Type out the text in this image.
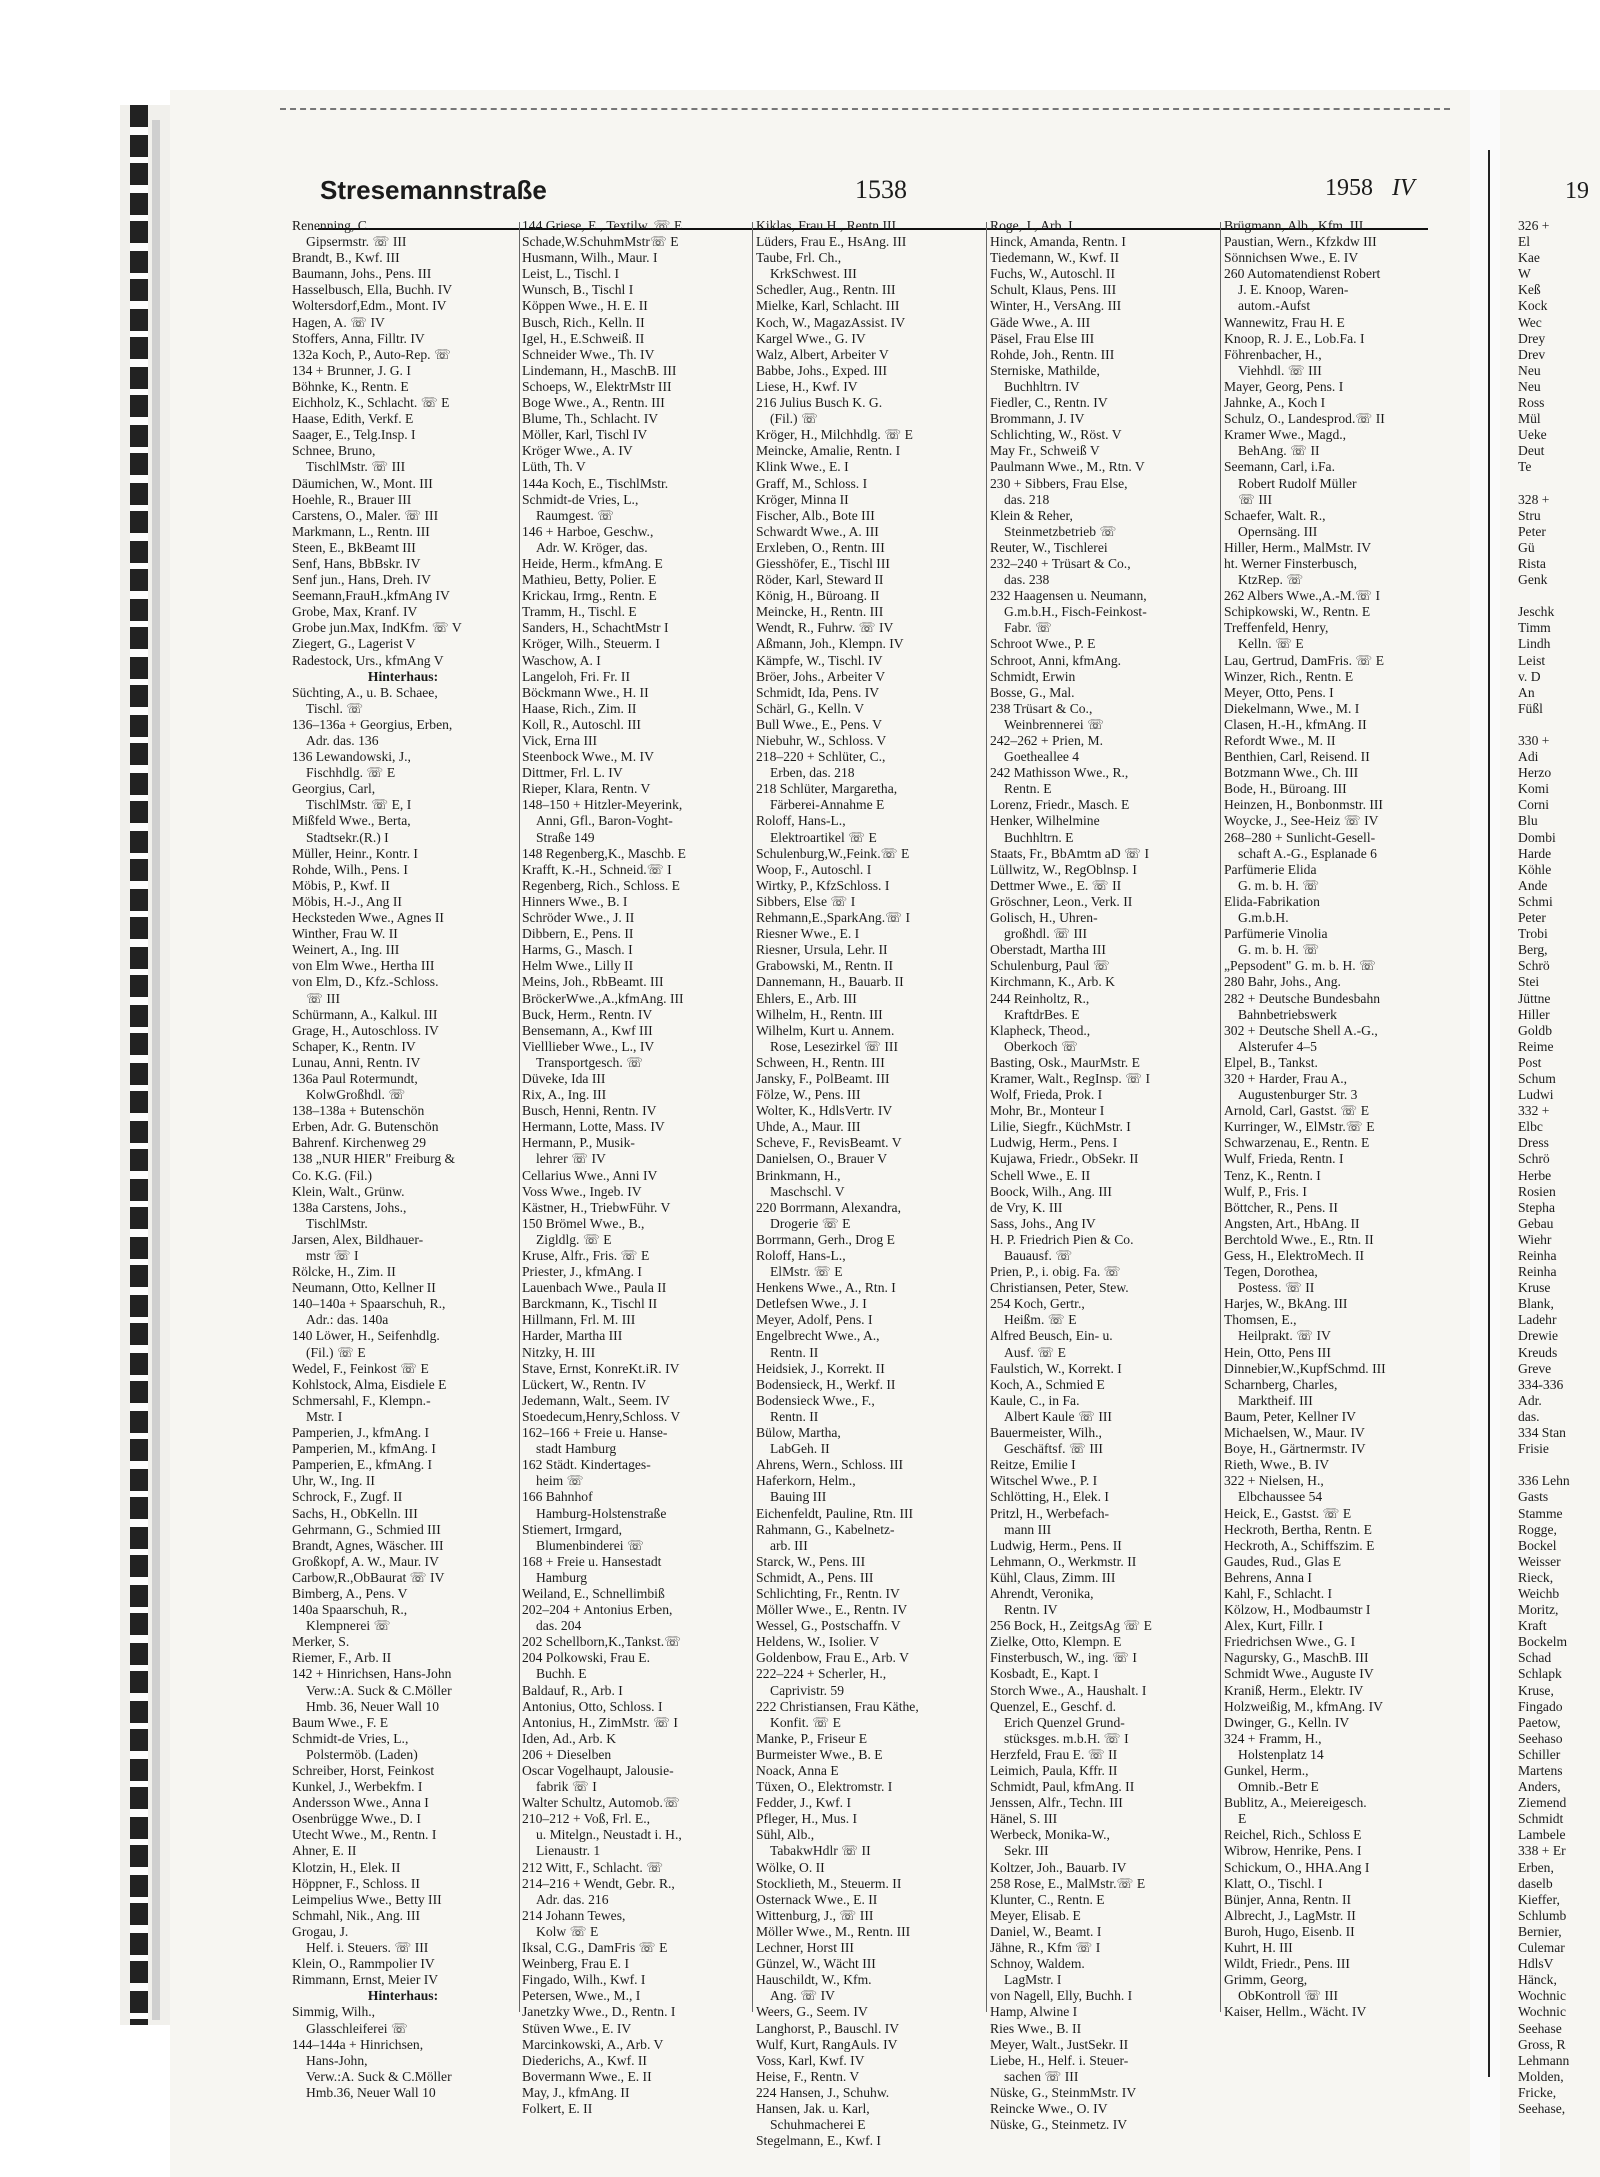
Stresemannstraße	1538	1958 IV
Renenning, C.
Gipsermstr. ☏ III
Brandt, B., Kwf. III
Baumann, Johs., Pens. III
Hasselbusch, Ella, Buchh. IV
Woltersdorf,Edm., Mont. IV
Hagen, A. ☏ IV
Stoffers, Anna, Filltr. IV
132a Koch, P., Auto-Rep. ☏
134 + Brunner, J. G. I
Böhnke, K., Rentn. E
Eichholz, K., Schlacht. ☏ E
Haase, Edith, Verkf. E
Saager, E., Telg.Insp. I
Schnee, Bruno,
TischlMstr. ☏ III
Däumichen, W., Mont. III
Hoehle, R., Brauer III
Carstens, O., Maler. ☏ III
Markmann, L., Rentn. III
Steen, E., BkBeamt III
Senf, Hans, BbBskr. IV
Senf jun., Hans, Dreh. IV
Seemann,FrauH.,kfmAng IV
Grobe, Max, Kranf. IV
Grobe jun.Max, IndKfm. ☏ V
Ziegert, G., Lagerist V
Radestock, Urs., kfmAng V
Hinterhaus:
Süchting, A., u. B. Schaee,
Tischl. ☏
136–136a + Georgius, Erben,
Adr. das. 136
136 Lewandowski, J.,
Fischhdlg. ☏ E
Georgius, Carl,
TischlMstr. ☏ E, I
Mißfeld Wwe., Berta,
Stadtsekr.(R.) I
Müller, Heinr., Kontr. I
Rohde, Wilh., Pens. I
Möbis, P., Kwf. II
Möbis, H.-J., Ang II
Hecksteden Wwe., Agnes II
Winther, Frau W. II
Weinert, A., Ing. III
von Elm Wwe., Hertha III
von Elm, D., Kfz.-Schloss.
☏ III
Schürmann, A., Kalkul. III
Grage, H., Autoschloss. IV
Schaper, K., Rentn. IV
Lunau, Anni, Rentn. IV
136a Paul Rotermundt,
KolwGroßhdl. ☏
138–138a + Butenschön
Erben, Adr. G. Butenschön
Bahrenf. Kirchenweg 29
138 „NUR HIER" Freiburg &
Co. K.G. (Fil.)
Klein, Walt., Grünw.
138a Carstens, Johs.,
TischlMstr.
Jarsen, Alex, Bildhauer-
mstr ☏ I
Rölcke, H., Zim. II
Neumann, Otto, Kellner II
140–140a + Spaarschuh, R.,
Adr.: das. 140a
140 Löwer, H., Seifenhdlg.
(Fil.) ☏ E
Wedel, F., Feinkost ☏ E
Kohlstock, Alma, Eisdiele E
Schmersahl, F., Klempn.-
Mstr. I
Pamperien, J., kfmAng. I
Pamperien, M., kfmAng. I
Pamperien, E., kfmAng. I
Uhr, W., Ing. II
Schrock, F., Zugf. II
Sachs, H., ObKelln. III
Gehrmann, G., Schmied III
Brandt, Agnes, Wäscher. III
Großkopf, A. W., Maur. IV
Carbow,R.,ObBaurat ☏ IV
Bimberg, A., Pens. V
140a Spaarschuh, R.,
Klempnerei ☏
Merker, S.
Riemer, F., Arb. II
142 + Hinrichsen, Hans-John
Verw.:A. Suck & C.Möller
Hmb. 36, Neuer Wall 10
Baum Wwe., F. E
Schmidt-de Vries, L.,
Polstermöb. (Laden)
Schreiber, Horst, Feinkost
Kunkel, J., Werbekfm. I
Andersson Wwe., Anna I
Osenbrügge Wwe., D. I
Utecht Wwe., M., Rentn. I
Ahner, E. II
Klotzin, H., Elek. II
Höppner, F., Schloss. II
Leimpelius Wwe., Betty III
Schmahl, Nik., Ang. III
Grogau, J.
Helf. i. Steuers. ☏ III
Klein, O., Rammpolier IV
Rimmann, Ernst, Meier IV
Hinterhaus:
Simmig, Wilh.,
Glasschleiferei ☏
144–144a + Hinrichsen,
Hans-John,
Verw.:A. Suck & C.Möller
Hmb.36, Neuer Wall 10
144 Griese, E., Textilw. ☏ E
Schade,W.SchuhmMstr☏ E
Husmann, Wilh., Maur. I
Leist, L., Tischl. I
Wunsch, B., Tischl I
Köppen Wwe., H. E. II
Busch, Rich., Kelln. II
Igel, H., E.Schweiß. II
Schneider Wwe., Th. IV
Lindemann, H., MaschB. III
Schoeps, W., ElektrMstr III
Boge Wwe., A., Rentn. III
Blume, Th., Schlacht. IV
Möller, Karl, Tischl IV
Kröger Wwe., A. IV
Lüth, Th. V
144a Koch, E., TischlMstr.
Schmidt-de Vries, L.,
Raumgest. ☏
146 + Harboe, Geschw.,
Adr. W. Kröger, das.
Heide, Herm., kfmAng. E
Mathieu, Betty, Polier. E
Krickau, Irmg., Rentn. E
Tramm, H., Tischl. E
Sanders, H., SchachtMstr I
Kröger, Wilh., Steuerm. I
Waschow, A. I
Langeloh, Fri. Fr. II
Böckmann Wwe., H. II
Haase, Rich., Zim. II
Koll, R., Autoschl. III
Vick, Erna III
Steenbock Wwe., M. IV
Dittmer, Frl. L. IV
Rieper, Klara, Rentn. V
148–150 + Hitzler-Meyerink,
Anni, Gfl., Baron-Voght-
Straße 149
148 Regenberg,K., Maschb. E
Krafft, K.-H., Schneid.☏ I
Regenberg, Rich., Schloss. E
Hinners Wwe., B. I
Schröder Wwe., J. II
Dibbern, E., Pens. II
Harms, G., Masch. I
Helm Wwe., Lilly II
Meins, Joh., RbBeamt. III
BröckerWwe.,A.,kfmAng. III
Buck, Herm., Rentn. IV
Bensemann, A., Kwf III
Vielllieber Wwe., L., IV
Transportgesch. ☏
Düveke, Ida III
Rix, A., Ing. III
Busch, Henni, Rentn. IV
Hermann, Lotte, Mass. IV
Hermann, P., Musik-
lehrer ☏ IV
Cellarius Wwe., Anni IV
Voss Wwe., Ingeb. IV
Kästner, H., TriebwFühr. V
150 Brömel Wwe., B.,
Zigldlg. ☏ E
Kruse, Alfr., Fris. ☏ E
Priester, J., kfmAng. I
Lauenbach Wwe., Paula II
Barckmann, K., Tischl II
Hillmann, Frl. M. III
Harder, Martha III
Nitzky, H. III
Stave, Ernst, KonreKt.iR. IV
Lückert, W., Rentn. IV
Jedemann, Walt., Seem. IV
Stoedecum,Henry,Schloss. V
162–166 + Freie u. Hanse-
stadt Hamburg
162 Städt. Kindertages-
heim ☏
166 Bahnhof
Hamburg-Holstenstraße
Stiemert, Irmgard,
Blumenbinderei ☏
168 + Freie u. Hansestadt
Hamburg
Weiland, E., Schnellimbiß
202–204 + Antonius Erben,
das. 204
202 Schellborn,K.,Tankst.☏
204 Polkowski, Frau E.
Buchh. E
Baldauf, R., Arb. I
Antonius, Otto, Schloss. I
Antonius, H., ZimMstr. ☏ I
Iden, Ad., Arb. K
206 + Dieselben
Oscar Vogelhaupt, Jalousie-
fabrik ☏ I
Walter Schultz, Automob.☏
210–212 + Voß, Frl. E.,
u. Mitelgn., Neustadt i. H.,
Lienaustr. 1
212 Witt, F., Schlacht. ☏
214–216 + Wendt, Gebr. R.,
Adr. das. 216
214 Johann Tewes,
Kolw ☏ E
Iksal, C.G., DamFris ☏ E
Weinberg, Frau E. I
Fingado, Wilh., Kwf. I
Petersen, Wwe., M., I
Janetzky Wwe., D., Rentn. I
Stüven Wwe., E. IV
Marcinkowski, A., Arb. V
Diederichs, A., Kwf. II
Bovermann Wwe., E. II
May, J., kfmAng. II
Folkert, E. II
Kiklas, Frau H., Rentn III
Lüders, Frau E., HsAng. III
Taube, Frl. Ch.,
KrkSchwest. III
Schedler, Aug., Rentn. III
Mielke, Karl, Schlacht. III
Koch, W., MagazAssist. IV
Kargel Wwe., G. IV
Walz, Albert, Arbeiter V
Babbe, Johs., Exped. III
Liese, H., Kwf. IV
216 Julius Busch K. G.
(Fil.) ☏
Kröger, H., Milchhdlg. ☏ E
Meincke, Amalie, Rentn. I
Klink Wwe., E. I
Graff, M., Schloss. I
Kröger, Minna II
Fischer, Alb., Bote III
Schwardt Wwe., A. III
Erxleben, O., Rentn. III
Giesshöfer, E., Tischl III
Röder, Karl, Steward II
König, H., Büroang. II
Meincke, H., Rentn. III
Wendt, R., Fuhrw. ☏ IV
Aßmann, Joh., Klempn. IV
Kämpfe, W., Tischl. IV
Bröer, Johs., Arbeiter V
Schmidt, Ida, Pens. IV
Schärl, G., Kelln. V
Bull Wwe., E., Pens. V
Niebuhr, W., Schloss. V
218–220 + Schlüter, C.,
Erben, das. 218
218 Schlüter, Margaretha,
Färberei-Annahme E
Roloff, Hans-L.,
Elektroartikel ☏ E
Schulenburg,W.,Feink.☏ E
Woop, F., Autoschl. I
Wirtky, P., KfzSchloss. I
Sibbers, Else ☏ I
Rehmann,E.,SparkAng.☏ I
Riesner Wwe., E. I
Riesner, Ursula, Lehr. II
Grabowski, M., Rentn. II
Dannemann, H., Bauarb. II
Ehlers, E., Arb. III
Wilhelm, H., Rentn. III
Wilhelm, Kurt u. Annem.
Rose, Lesezirkel ☏ III
Schween, H., Rentn. III
Jansky, F., PolBeamt. III
Fölze, W., Pens. III
Wolter, K., HdlsVertr. IV
Uhde, A., Maur. III
Scheve, F., RevisBeamt. V
Danielsen, O., Brauer V
Brinkmann, H.,
Maschschl. V
220 Borrmann, Alexandra,
Drogerie ☏ E
Borrmann, Gerh., Drog E
Roloff, Hans-L.,
ElMstr. ☏ E
Henkens Wwe., A., Rtn. I
Detlefsen Wwe., J. I
Meyer, Adolf, Pens. I
Engelbrecht Wwe., A.,
Rentn. II
Heidsiek, J., Korrekt. II
Bodensieck, H., Werkf. II
Bodensieck Wwe., F.,
Rentn. II
Bülow, Martha,
LabGeh. II
Ahrens, Wern., Schloss. III
Haferkorn, Helm.,
Bauing III
Eichenfeldt, Pauline, Rtn. III
Rahmann, G., Kabelnetz-
arb. III
Starck, W., Pens. III
Schmidt, A., Pens. III
Schlichting, Fr., Rentn. IV
Möller Wwe., E., Rentn. IV
Wessel, G., Postschaffn. V
Heldens, W., Isolier. V
Goldenbow, Frau E., Arb. V
222–224 + Scherler, H.,
Caprivistr. 59
222 Christiansen, Frau Käthe,
Konfit. ☏ E
Manke, P., Friseur E
Burmeister Wwe., B. E
Noack, Anna E
Tüxen, O., Elektromstr. I
Fedder, J., Kwf. I
Pfleger, H., Mus. I
Sühl, Alb.,
TabakwHdlr ☏ II
Wölke, O. II
Stocklieth, M., Steuerm. II
Osternack Wwe., E. II
Wittenburg, J., ☏ III
Möller Wwe., M., Rentn. III
Lechner, Horst III
Günzel, W., Wächt III
Hauschildt, W., Kfm.
Ang. ☏ IV
Weers, G., Seem. IV
Langhorst, P., Bauschl. IV
Wulf, Kurt, RangAuls. IV
Voss, Karl, Kwf. IV
Heise, F., Rentn. V
224 Hansen, J., Schuhw.
Hansen, Jak. u. Karl,
Schuhmacherei E
Stegelmann, E., Kwf. I
Roge, J., Arb. I
Hinck, Amanda, Rentn. I
Tiedemann, W., Kwf. II
Fuchs, W., Autoschl. II
Schult, Klaus, Pens. III
Winter, H., VersAng. III
Gäde Wwe., A. III
Päsel, Frau Else III
Rohde, Joh., Rentn. III
Sterniske, Mathilde,
Buchhltrn. IV
Fiedler, C., Rentn. IV
Brommann, J. IV
Schlichting, W., Röst. V
May Fr., Schweiß V
Paulmann Wwe., M., Rtn. V
230 + Sibbers, Frau Else,
das. 218
Klein & Reher,
Steinmetzbetrieb ☏
Reuter, W., Tischlerei
232–240 + Trüsart & Co.,
das. 238
232 Haagensen u. Neumann,
G.m.b.H., Fisch-Feinkost-
Fabr. ☏
Schroot Wwe., P. E
Schroot, Anni, kfmAng.
Schmidt, Erwin
Bosse, G., Mal.
238 Trüsart & Co.,
Weinbrennerei ☏
242–262 + Prien, M.
Goetheallee 4
242 Mathisson Wwe., R.,
Rentn. E
Lorenz, Friedr., Masch. E
Henker, Wilhelmine
Buchhltrn. E
Staats, Fr., BbAmtm aD ☏ I
Lüllwitz, W., RegOblnsp. I
Dettmer Wwe., E. ☏ II
Gröschner, Leon., Verk. II
Golisch, H., Uhren-
großhdl. ☏ III
Oberstadt, Martha III
Schulenburg, Paul ☏
Kirchmann, K., Arb. K
244 Reinholtz, R.,
KraftdrBes. E
Klapheck, Theod.,
Oberkoch ☏
Basting, Osk., MaurMstr. E
Kramer, Walt., RegInsp. ☏ I
Wolf, Frieda, Prok. I
Mohr, Br., Monteur I
Lilie, Siegfr., KüchMstr. I
Ludwig, Herm., Pens. I
Kujawa, Friedr., ObSekr. II
Schell Wwe., E. II
Boock, Wilh., Ang. III
de Vry, K. III
Sass, Johs., Ang IV
H. P. Friedrich Pien & Co.
Bauausf. ☏
Prien, P., i. obig. Fa. ☏
Christiansen, Peter, Stew.
254 Koch, Gertr.,
Heißm. ☏ E
Alfred Beusch, Ein- u.
Ausf. ☏ E
Faulstich, W., Korrekt. I
Koch, A., Schmied E
Kaule, C., in Fa.
Albert Kaule ☏ III
Bauermeister, Wilh.,
Geschäftsf. ☏ III
Reitze, Emilie I
Witschel Wwe., P. I
Schlötting, H., Elek. I
Pritzl, H., Werbefach-
mann III
Ludwig, Herm., Pens. II
Lehmann, O., Werkmstr. II
Kühl, Claus, Zimm. III
Ahrendt, Veronika,
Rentn. IV
256 Bock, H., ZeitgsAg ☏ E
Zielke, Otto, Klempn. E
Finsterbusch, W., ing. ☏ I
Kosbadt, E., Kapt. I
Storch Wwe., A., Haushalt. I
Quenzel, E., Geschf. d.
Erich Quenzel Grund-
stücksges. m.b.H. ☏ I
Herzfeld, Frau E. ☏ II
Leimich, Paula, Kffr. II
Schmidt, Paul, kfmAng. II
Jenssen, Alfr., Techn. III
Hänel, S. III
Werbeck, Monika-W.,
Sekr. III
Koltzer, Joh., Bauarb. IV
258 Rose, E., MalMstr.☏ E
Klunter, C., Rentn. E
Meyer, Elisab. E
Daniel, W., Beamt. I
Jähne, R., Kfm ☏ I
Schnoy, Waldem.
LagMstr. I
von Nagell, Elly, Buchh. I
Hamp, Alwine I
Ries Wwe., B. II
Meyer, Walt., JustSekr. II
Liebe, H., Helf. i. Steuer-
sachen ☏ III
Nüske, G., SteinmMstr. IV
Reincke Wwe., O. IV
Nüske, G., Steinmetz. IV
Brügmann, Alb., Kfm. III
Paustian, Wern., Kfzkdw III
Sönnichsen Wwe., E. IV
260 Automatendienst Robert
J. E. Knoop, Waren-
autom.-Aufst
Wannewitz, Frau H. E
Knoop, R. J. E., Lob.Fa. I
Föhrenbacher, H.,
Viehhdl. ☏ III
Mayer, Georg, Pens. I
Jahnke, A., Koch I
Schulz, O., Landesprod.☏ II
Kramer Wwe., Magd.,
BehAng. ☏ II
Seemann, Carl, i.Fa.
Robert Rudolf Müller
☏ III
Schaefer, Walt. R.,
Opernsäng. III
Hiller, Herm., MalMstr. IV
ht. Werner Finsterbusch,
KtzRep. ☏
262 Albers Wwe.,A.-M.☏ I
Schipkowski, W., Rentn. E
Treffenfeld, Henry,
Kelln. ☏ E
Lau, Gertrud, DamFris. ☏ E
Winzer, Rich., Rentn. E
Meyer, Otto, Pens. I
Diekelmann, Wwe., M. I
Clasen, H.-H., kfmAng. II
Refordt Wwe., M. II
Benthien, Carl, Reisend. II
Botzmann Wwe., Ch. III
Bode, H., Büroang. III
Heinzen, H., Bonbonmstr. III
Woycke, J., See-Heiz ☏ IV
268–280 + Sunlicht-Gesell-
schaft A.-G., Esplanade 6
Parfümerie Elida
G. m. b. H. ☏
Elida-Fabrikation
G.m.b.H.
Parfümerie Vinolia
G. m. b. H. ☏
„Pepsodent" G. m. b. H. ☏
280 Bahr, Johs., Ang.
282 + Deutsche Bundesbahn
Bahnbetriebswerk
302 + Deutsche Shell A.-G.,
Alsterufer 4–5
Elpel, B., Tankst.
320 + Harder, Frau A.,
Augustenburger Str. 3
Arnold, Carl, Gastst. ☏ E
Kurringer, W., ElMstr.☏ E
Schwarzenau, E., Rentn. E
Wulf, Frieda, Rentn. I
Tenz, K., Rentn. I
Wulf, P., Fris. I
Böttcher, R., Pens. II
Angsten, Art., HbAng. II
Berchtold Wwe., E., Rtn. II
Gess, H., ElektroMech. II
Tegen, Dorothea,
Postess. ☏ II
Harjes, W., BkAng. III
Thomsen, E.,
Heilprakt. ☏ IV
Hein, Otto, Pens III
Dinnebier,W.,KupfSchmd. III
Scharnberg, Charles,
Marktheif. III
Baum, Peter, Kellner IV
Michaelsen, W., Maur. IV
Boye, H., Gärtnermstr. IV
Rieth, Wwe., B. IV
322 + Nielsen, H.,
Elbchaussee 54
Heick, E., Gastst. ☏ E
Heckroth, Bertha, Rentn. E
Heckroth, A., Schiffszim. E
Gaudes, Rud., Glas E
Behrens, Anna I
Kahl, F., Schlacht. I
Kölzow, H., Modbaumstr I
Alex, Kurt, Fillr. I
Friedrichsen Wwe., G. I
Nagursky, G., MaschB. III
Schmidt Wwe., Auguste IV
Kraniß, Herm., Elektr. IV
Holzweißig, M., kfmAng. IV
Dwinger, G., Kelln. IV
324 + Framm, H.,
Holstenplatz 14
Gunkel, Herm.,
Omnib.-Betr E
Bublitz, A., Meiereigesch.
E
Reichel, Rich., Schloss E
Wibrow, Henrike, Pens. I
Schickum, O., HHA.Ang I
Klatt, O., Tischl. I
Bünjer, Anna, Rentn. II
Albrecht, J., LagMstr. II
Buroh, Hugo, Eisenb. II
Kuhrt, H. III
Wildt, Friedr., Pens. III
Grimm, Georg,
ObKontroll ☏ III
Kaiser, Hellm., Wächt. IV
19
326 +
El
Kae
W
Keß
Kock
Wec
Drey
Drev
Neu
Neu
Ross
Mül
Ueke
Deut
Te

328 +
Stru
Peter
Gü
Rista
Genk

Jeschk
Timm
Lindh
Leist
v. D
An
Füßl

330 +
Adi
Herzo
Komi
Corni
Blu
Dombi
Harde
Köhle
Ande
Schmi
Peter
Trobi
Berg,
Schrö
Stei
Jüttne
Hiller
Goldb
Reime
Post
Schum
Ludwi
332 +
Elbc
Dress
Schrö
Herbe
Rosien
Stepha
Gebau
Wiehr
Reinha
Reinha
Kruse
Blank,
Ladehr
Drewie
Kreuds
Greve
334-336
Adr.
das.
334 Stan
Frisie

336 Lehn
Gasts
Stamme
Rogge,
Bockel
Weisser
Rieck,
Weichb
Moritz,
Kraft
Bockelm
Schad
Schlapk
Kruse,
Fingado
Paetow,
Seehaso
Schiller
Martens
Anders,
Ziemend
Schmidt
Lambele
338 + Er
Erben,
daselb
Kieffer,
Schlumb
Bernier,
Culemar
HdlsV
Hänck,
Wochnic
Wochnic
Seehase
Gross, R
Lehmann
Molden,
Fricke,
Seehase,
